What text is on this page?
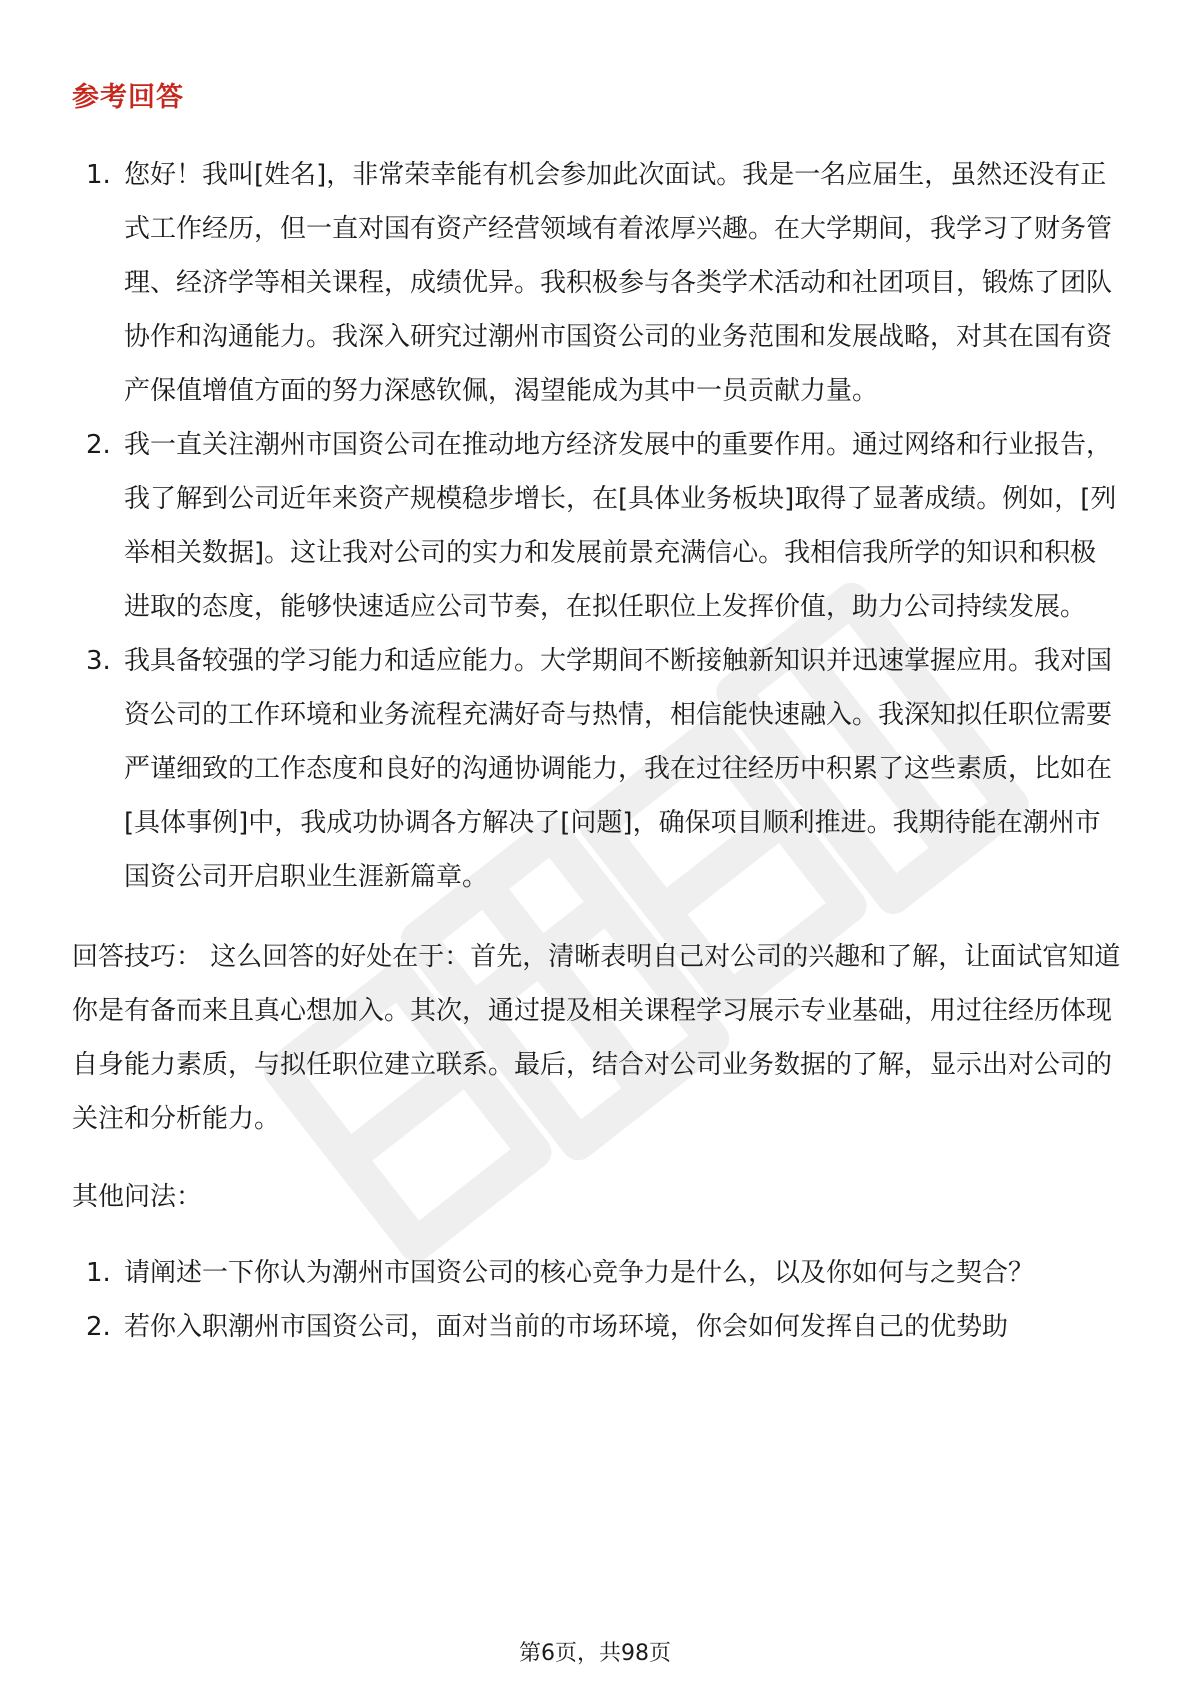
参考回答
1. 您好！我叫[姓名]，非常荣幸能有机会参加此次面试。我是一名应届生，虽然还没有正式工作经历，但一直对国有资产经营领域有着浓厚兴趣。在大学期间，我学习了财务管理、经济学等相关课程，成绩优异。我积极参与各类学术活动和社团项目，锻炼了团队协作和沟通能力。我深入研究过潮州市国资公司的业务范围和发展战略，对其在国有资产保值增值方面的努力深感钦佩，渴望能成为其中一员贡献力量。
2. 我一直关注潮州市国资公司在推动地方经济发展中的重要作用。通过网络和行业报告，我了解到公司近年来资产规模稳步增长，在[具体业务板块]取得了显著成绩。例如，[列举相关数据]。这让我对公司的实力和发展前景充满信心。我相信我所学的知识和积极进取的态度，能够快速适应公司节奏，在拟任职位上发挥价值，助力公司持续发展。
3. 我具备较强的学习能力和适应能力。大学期间不断接触新知识并迅速掌握应用。我对国资公司的工作环境和业务流程充满好奇与热情，相信能快速融入。我深知拟任职位需要严谨细致的工作态度和良好的沟通协调能力，我在过往经历中积累了这些素质，比如在[具体事例]中，我成功协调各方解决了[问题]，确保项目顺利推进。我期待能在潮州市国资公司开启职业生涯新篇章。
回答技巧： 这么回答的好处在于：首先，清晰表明自己对公司的兴趣和了解，让面试官知道你是有备而来且真心想加入。其次，通过提及相关课程学习展示专业基础，用过往经历体现自身能力素质，与拟任职位建立联系。最后，结合对公司业务数据的了解，显示出对公司的关注和分析能力。
其他问法：
1. 请阐述一下你认为潮州市国资公司的核心竞争力是什么，以及你如何与之契合？
2. 若你入职潮州市国资公司，面对当前的市场环境，你会如何发挥自己的优势助
第6页，共98页
